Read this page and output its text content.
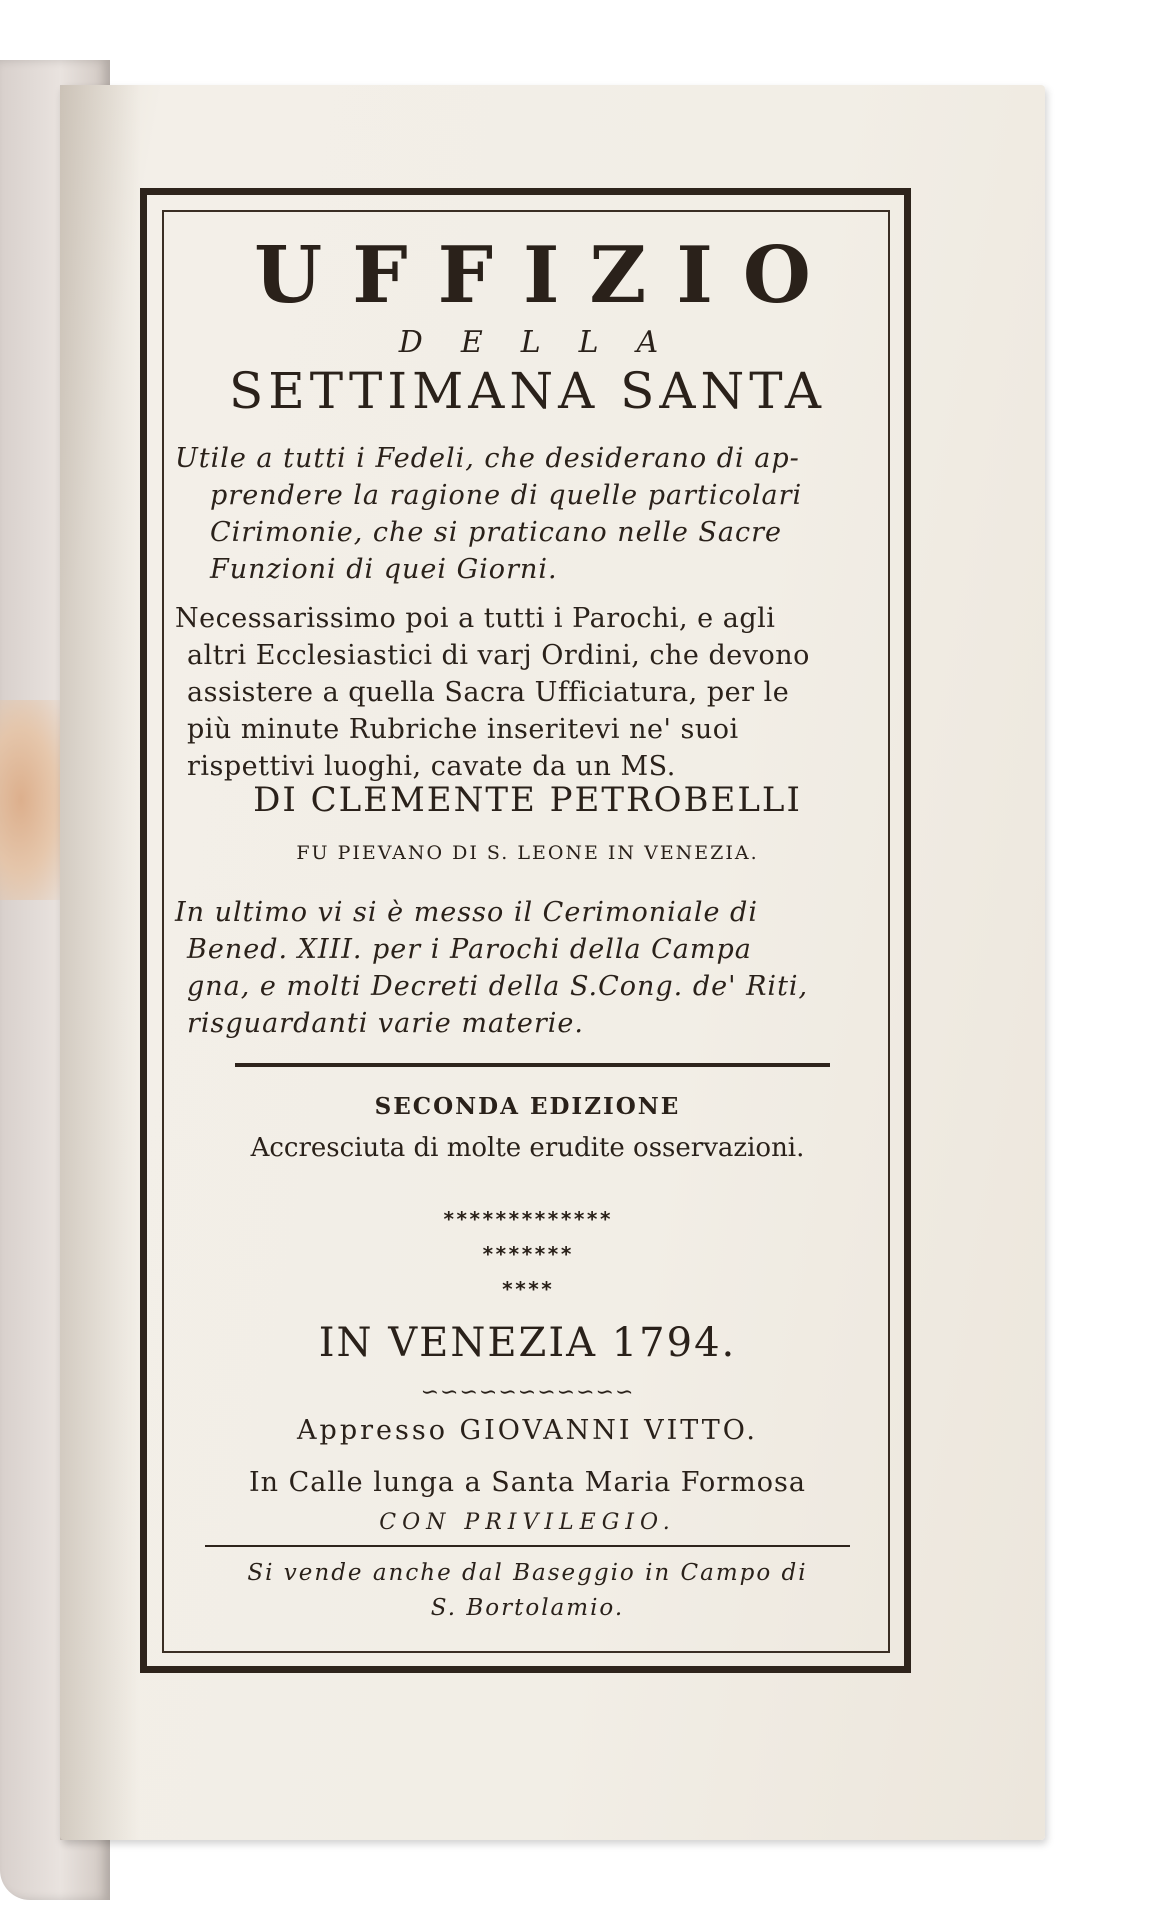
UFFIZIO

DELLA

SETTIMANA SANTA

Utile a tutti i Fedeli, che desiderano di ap-

prendere la ragione di quelle particolari

Cirimonie, che si praticano nelle Sacre

Funzioni di quei Giorni.

Necessarissimo poi a tutti i Parochi, e agli

altri Ecclesiastici di varj Ordini, che devono

assistere a quella Sacra Ufficiatura, per le

più minute Rubriche inseritevi ne' suoi

rispettivi luoghi, cavate da un MS.

DI CLEMENTE PETROBELLI

FU PIEVANO DI S. LEONE IN VENEZIA.

In ultimo vi si è messo il Cerimoniale di

Bened. XIII. per i Parochi della Campa

gna, e molti Decreti della S.Cong. de' Riti,

risguardanti varie materie.

SECONDA EDIZIONE

Accresciuta di molte erudite osservazioni.

*************

*******

****

IN VENEZIA 1794.

∽∽∽∽∽∽∽∽∽∽∽

Appresso GIOVANNI VITTO.

In Calle lunga a Santa Maria Formosa

CON PRIVILEGIO.

Si vende anche dal Baseggio in Campo di

S. Bortolamio.
